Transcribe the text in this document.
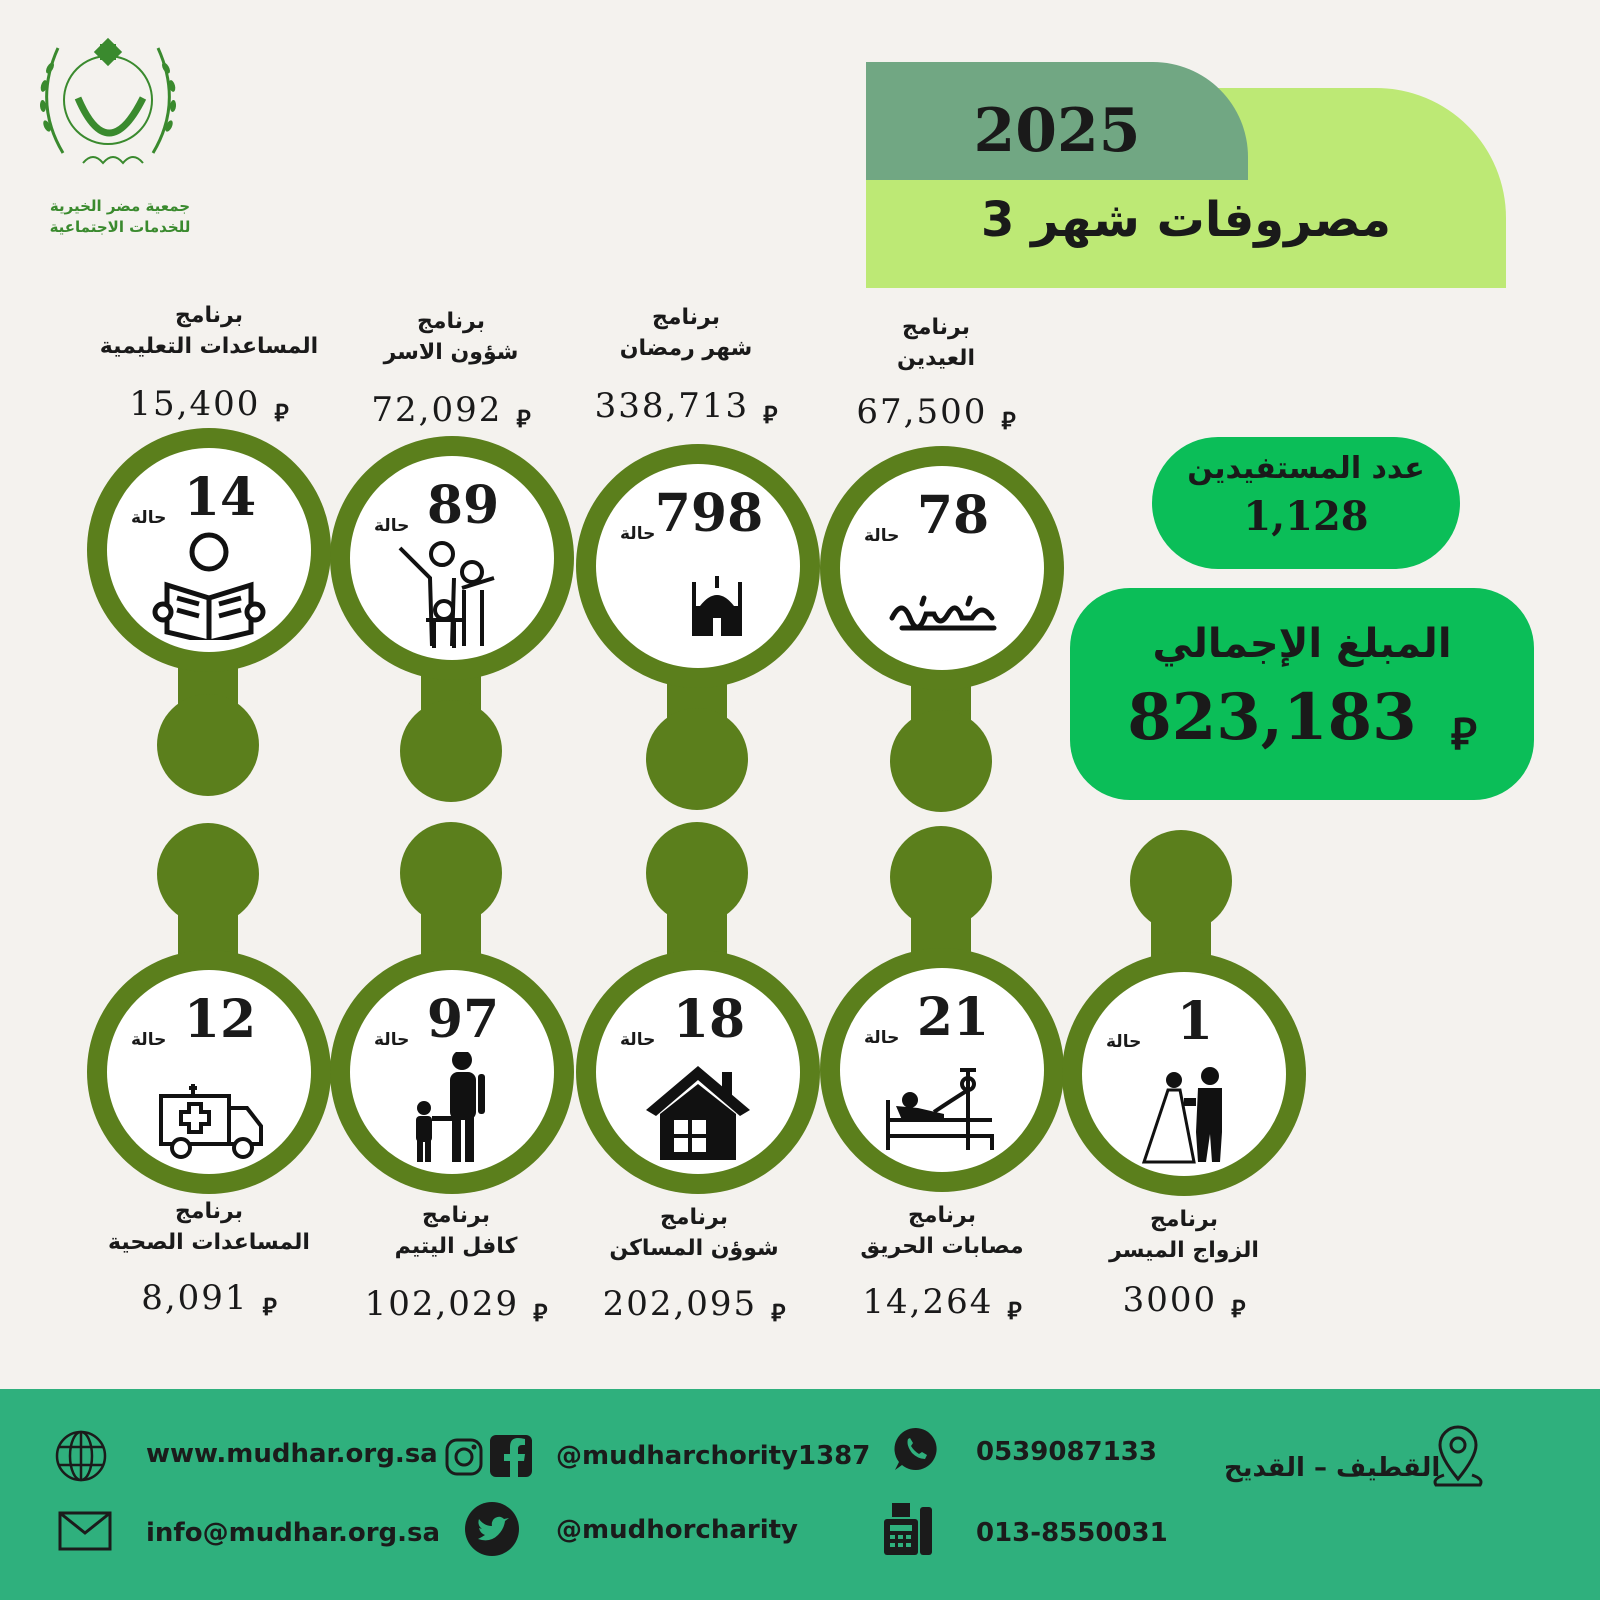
جمعية مضر الخيرية
للخدمات الاجتماعية
2025
مصروفات شهر 3
برنامج
المساعدات التعليمية
15,400 ⃁
برنامج
شؤون الاسر
72,092 ⃁
برنامج
شهر رمضان
338,713 ⃁
برنامج
العيدين
67,500 ⃁
14
حالة	89
حالة	798
حالة	78
حالة
12
حالة	97
حالة	18
حالة	21
حالة	1
حالة
برنامج
المساعدات الصحية
8,091 ⃁
برنامج
كافل اليتيم
102,029 ⃁
برنامج
شوؤن المساكن
202,095 ⃁
برنامج
مصابات الحريق
14,264 ⃁
برنامج
الزواج الميسر
3000 ⃁
عدد المستفيدين
1,128
المبلغ الإجمالي
823,183 ⃁
www.mudhar.org.sa
info@mudhar.org.sa
@mudharchority1387
@mudhorcharity
0539087133
013-8550031
القطيف – القديح
